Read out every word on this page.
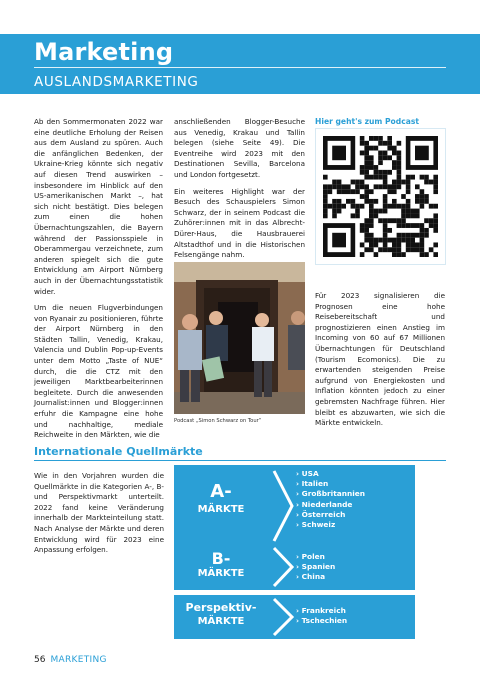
Marketing
AUSLANDSMARKETING

Ab den Sommermonaten 2022 war eine deutliche Erholung der Reisen aus dem Ausland zu spüren. Auch die anfänglichen Bedenken, der Ukraine-Krieg könnte sich negativ auf diesen Trend auswirken – insbesondere im Hinblick auf den US-amerikanischen Markt –, hat sich nicht bestätigt. Dies belegen zum einen die hohen Übernachtungszahlen, die Bayern während der Passionsspiele in Oberammergau verzeichnete, zum anderen spiegelt sich die gute Entwicklung am Airport Nürnberg auch in der Übernachtungsstatistik wider.

Um die neuen Flugverbindungen von Ryanair zu positionieren, führte der Airport Nürnberg in den Städten Tallin, Venedig, Krakau, Valencia und Dublin Pop-up-Events unter dem Motto „Taste of NUE“ durch, die die CTZ mit den jeweiligen Marktbearbeiterinnen begleitete. Durch die anwesenden Journalist:innen und Blogger:innen erfuhr die Kampagne eine hohe und nachhaltige, mediale Reichweite in den Märkten, wie die

anschließenden Blogger-Besuche aus Venedig, Krakau und Tallin belegen (siehe Seite 49). Die Eventreihe wird 2023 mit den Destinationen Sevilla, Barcelona und London fortgesetzt.

Ein weiteres Highlight war der Besuch des Schauspielers Simon Schwarz, der in seinem Podcast die Zuhörer:innen mit in das Albrecht-Dürer-Haus, die Hausbrauerei Altstadthof und in die Historischen Felsengänge nahm.

Podcast „Simon Schwarz on Tour“
Hier geht's zum Podcast

Für 2023 signalisieren die Prognosen eine hohe Reisebereitschaft und prognostizieren einen Anstieg im Incoming von 60 auf 67 Millionen Übernachtungen für Deutschland (Tourism Ecomonics). Die zu erwartenden steigenden Preise aufgrund von Energiekosten und Inflation könnten jedoch zu einer gebremsten Nachfrage führen. Hier bleibt es abzuwarten, wie sich die Märkte entwickeln.

Internationale Quellmärkte
Wie in den Vorjahren wurden die Quellmärkte in die Kategorien A-, B- und Perspektivmarkt unterteilt. 2022 fand keine Veränderung innerhalb der Markteinteilung statt. Nach Analyse der Märkte und deren Entwicklung wird für 2023 eine Anpassung erfolgen.
A-
MÄRKTE
› USA
› Italien
› Großbritannien
› Niederlande
› Österreich
› Schweiz
B-
MÄRKTE
› Polen
› Spanien
› China
Perspektiv-
MÄRKTE
› Frankreich
› Tschechien
56 MARKETING
